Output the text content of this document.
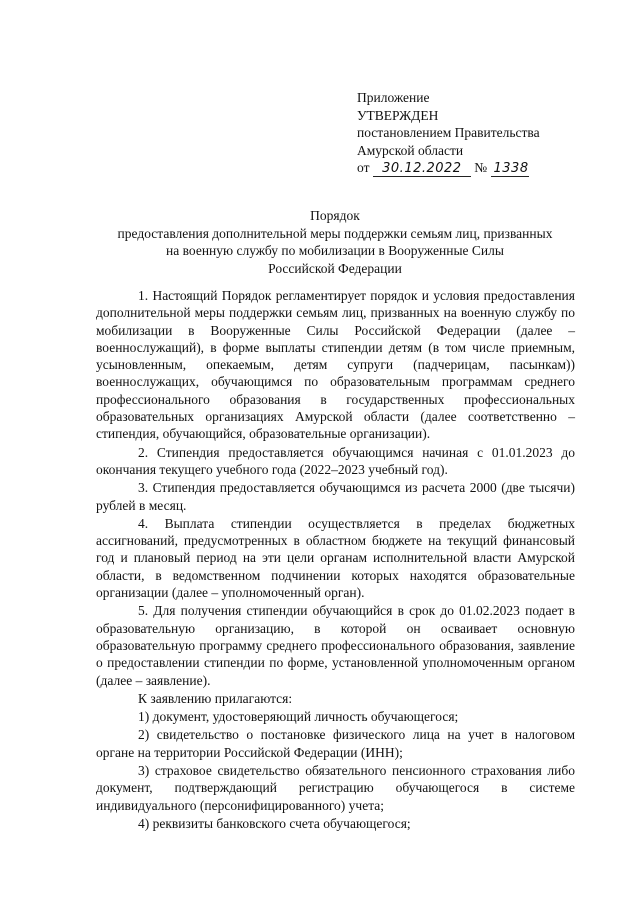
Приложение
УТВЕРЖДЕН
постановлением Правительства
Амурской области
от 30.12.2022 № 1338
Порядок
предоставления дополнительной меры поддержки семьям лиц, призванных
на военную службу по мобилизации в Вооруженные Силы
Российской Федерации

1. Настоящий Порядок регламентирует порядок и условия предоставления дополнительной меры поддержки семьям лиц, призванных на военную службу по мобилизации в Вооруженные Силы Российской Федерации (далее – военнослужащий), в форме выплаты стипендии детям (в том числе приемным, усыновленным, опекаемым, детям супруги (падчерицам, пасынкам)) военнослужащих, обучающимся по образовательным программам среднего профессионального образования в государственных профессиональных образовательных организациях Амурской области (далее соответственно – стипендия, обучающийся, образовательные организации).

2. Стипендия предоставляется обучающимся начиная с 01.01.2023 до окончания текущего учебного года (2022–2023 учебный год).

3. Стипендия предоставляется обучающимся из расчета 2000 (две тысячи) рублей в месяц.

4. Выплата стипендии осуществляется в пределах бюджетных ассигнований, предусмотренных в областном бюджете на текущий финансовый год и плановый период на эти цели органам исполнительной власти Амурской области, в ведомственном подчинении которых находятся образовательные организации (далее – уполномоченный орган).

5. Для получения стипендии обучающийся в срок до 01.02.2023 подает в образовательную организацию, в которой он осваивает основную образовательную программу среднего профессионального образования, заявление о предоставлении стипендии по форме, установленной уполномоченным органом (далее – заявление).

К заявлению прилагаются:

1) документ, удостоверяющий личность обучающегося;

2) свидетельство о постановке физического лица на учет в налоговом органе на территории Российской Федерации (ИНН);

3) страховое свидетельство обязательного пенсионного страхования либо документ, подтверждающий регистрацию обучающегося в системе индивидуального (персонифицированного) учета;

4) реквизиты банковского счета обучающегося;
